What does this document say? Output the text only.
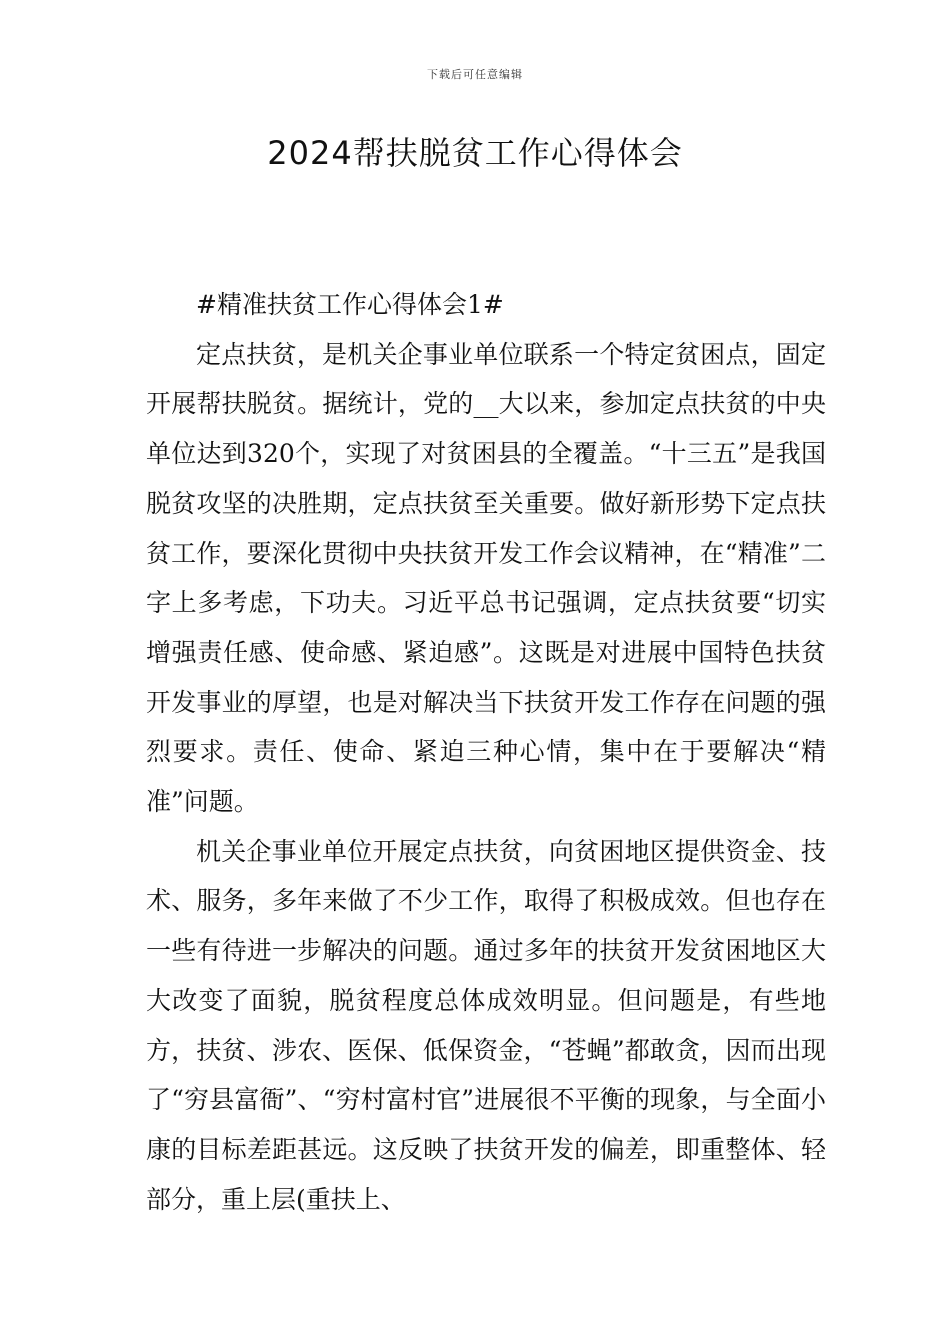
下载后可任意编辑
2024帮扶脱贫工作心得体会

#精准扶贫工作心得体会1#

定点扶贫，是机关企事业单位联系一个特定贫困点，固定开展帮扶脱贫。据统计，党的__大以来，参加定点扶贫的中央单位达到320个，实现了对贫困县的全覆盖。“十三五”是我国脱贫攻坚的决胜期，定点扶贫至关重要。做好新形势下定点扶贫工作，要深化贯彻中央扶贫开发工作会议精神，在“精准”二字上多考虑，下功夫。习近平总书记强调，定点扶贫要“切实增强责任感、使命感、紧迫感”。这既是对进展中国特色扶贫开发事业的厚望，也是对解决当下扶贫开发工作存在问题的强烈要求。责任、使命、紧迫三种心情，集中在于要解决“精准”问题。

机关企事业单位开展定点扶贫，向贫困地区提供资金、技术、服务，多年来做了不少工作，取得了积极成效。但也存在一些有待进一步解决的问题。通过多年的扶贫开发贫困地区大大改变了面貌，脱贫程度总体成效明显。但问题是，有些地方，扶贫、涉农、医保、低保资金，“苍蝇”都敢贪，因而出现了“穷县富衙”、“穷村富村官”进展很不平衡的现象，与全面小康的目标差距甚远。这反映了扶贫开发的偏差，即重整体、轻部分，重上层(重扶上、
